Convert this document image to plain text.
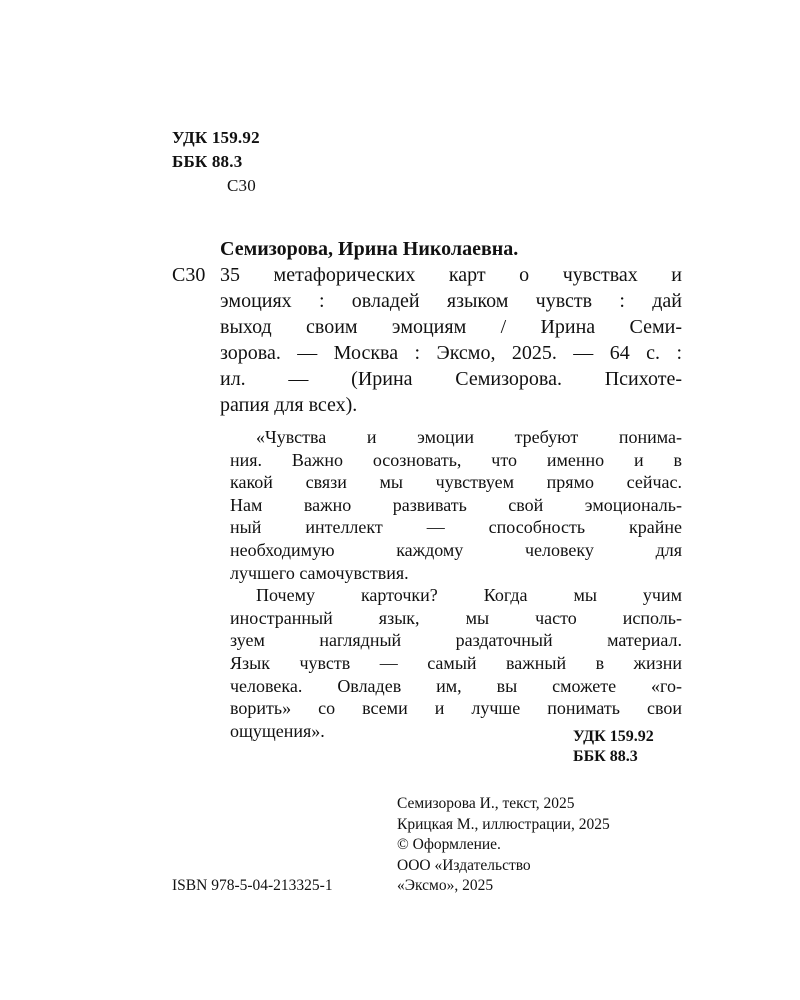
УДК 159.92
ББК 88.3
С30
Семизорова, Ирина Николаевна.
С30 35 метафорических карт о чувствах и
эмоциях : овладей языком чувств : дай
выход своим эмоциям / Ирина Семи-
зорова. — Москва : Эксмо, 2025. — 64 с. :
ил. — (Ирина Семизорова. Психоте-
рапия для всех).
«Чувства и эмоции требуют понима-
ния. Важно осозновать, что именно и в
какой связи мы чувствуем прямо сейчас.
Нам важно развивать свой эмоциональ-
ный интеллект — способность крайне
необходимую каждому человеку для
лучшего самочувствия.
Почему карточки? Когда мы учим
иностранный язык, мы часто исполь-
зуем наглядный раздаточный материал.
Язык чувств — самый важный в жизни
человека. Овладев им, вы сможете «го-
ворить» со всеми и лучше понимать свои
ощущения».	УДК 159.92
ББК 88.3
Семизорова И., текст, 2025
Крицкая М., иллюстрации, 2025
© Оформление.
ООО «Издательство
«Эксмо», 2025
ISBN 978-5-04-213325-1
